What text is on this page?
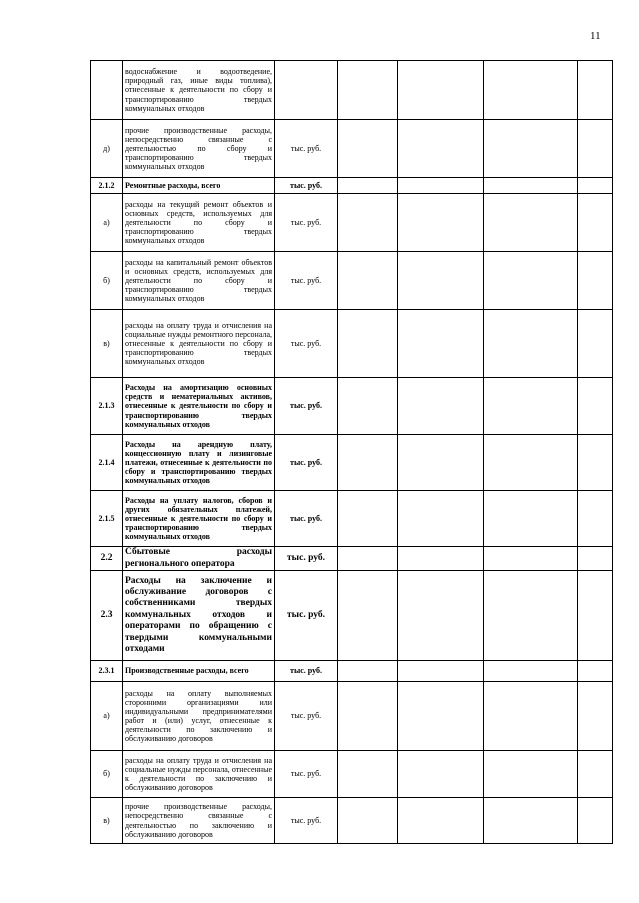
11

	водоснабжение и водоотведение, природный газ, иные виды топлива), отнесенные к деятельности по сбору и транспортированию твердых коммунальных отходов					

д)	прочие производственные расходы, непосредственно связанные с деятельностью по сбору и транспортированию твердых коммунальных отходов	тыс. руб.				

2.1.2	Ремонтные расходы, всего	тыс. руб.				

а)	расходы на текущий ремонт объектов и основных средств, используемых для деятельности по сбору и транспортированию твердых коммунальных отходов	тыс. руб.				

б)	расходы на капитальный ремонт объектов и основных средств, используемых для деятельности по сбору и транспортированию твердых коммунальных отходов	тыс. руб.				

в)	расходы на оплату труда и отчисления на социальные нужды ремонтного персонала, отнесенные к деятельности по сбору и транспортированию твердых коммунальных отходов	тыс. руб.				

2.1.3	Расходы на амортизацию основных средств и нематериальных активов, отнесенные к деятельности по сбору и транспортированию твердых коммунальных отходов	тыс. руб.				

2.1.4	Расходы на арендную плату, концессионную плату и лизинговые платежи, отнесенные к деятельности по сбору и транспортированию твердых коммунальных отходов	тыс. руб.				

2.1.5	Расходы на уплату налогов, сборов и других обязательных платежей, отнесенные к деятельности по сбору и транспортированию твердых коммунальных отходов	тыс. руб.				

2.2	Сбытовые расходы регионального оператора	тыс. руб.				

2.3	Расходы на заключение и обслуживание договоров с собственниками твердых коммунальных отходов и операторами по обращению с твердыми коммунальными отходами	тыс. руб.				

2.3.1	Производственные расходы, всего	тыс. руб.				

а)	расходы на оплату выполняемых сторонними организациями или индивидуальными предпринимателями работ и (или) услуг, отнесенные к деятельности по заключению и обслуживанию договоров	тыс. руб.				

б)	расходы на оплату труда и отчисления на социальные нужды персонала, отнесенные к деятельности по заключению и обслуживанию договоров	тыс. руб.				

в)	прочие производственные расходы, непосредственно связанные с деятельностью по заключению и обслуживанию договоров	тыс. руб.				
